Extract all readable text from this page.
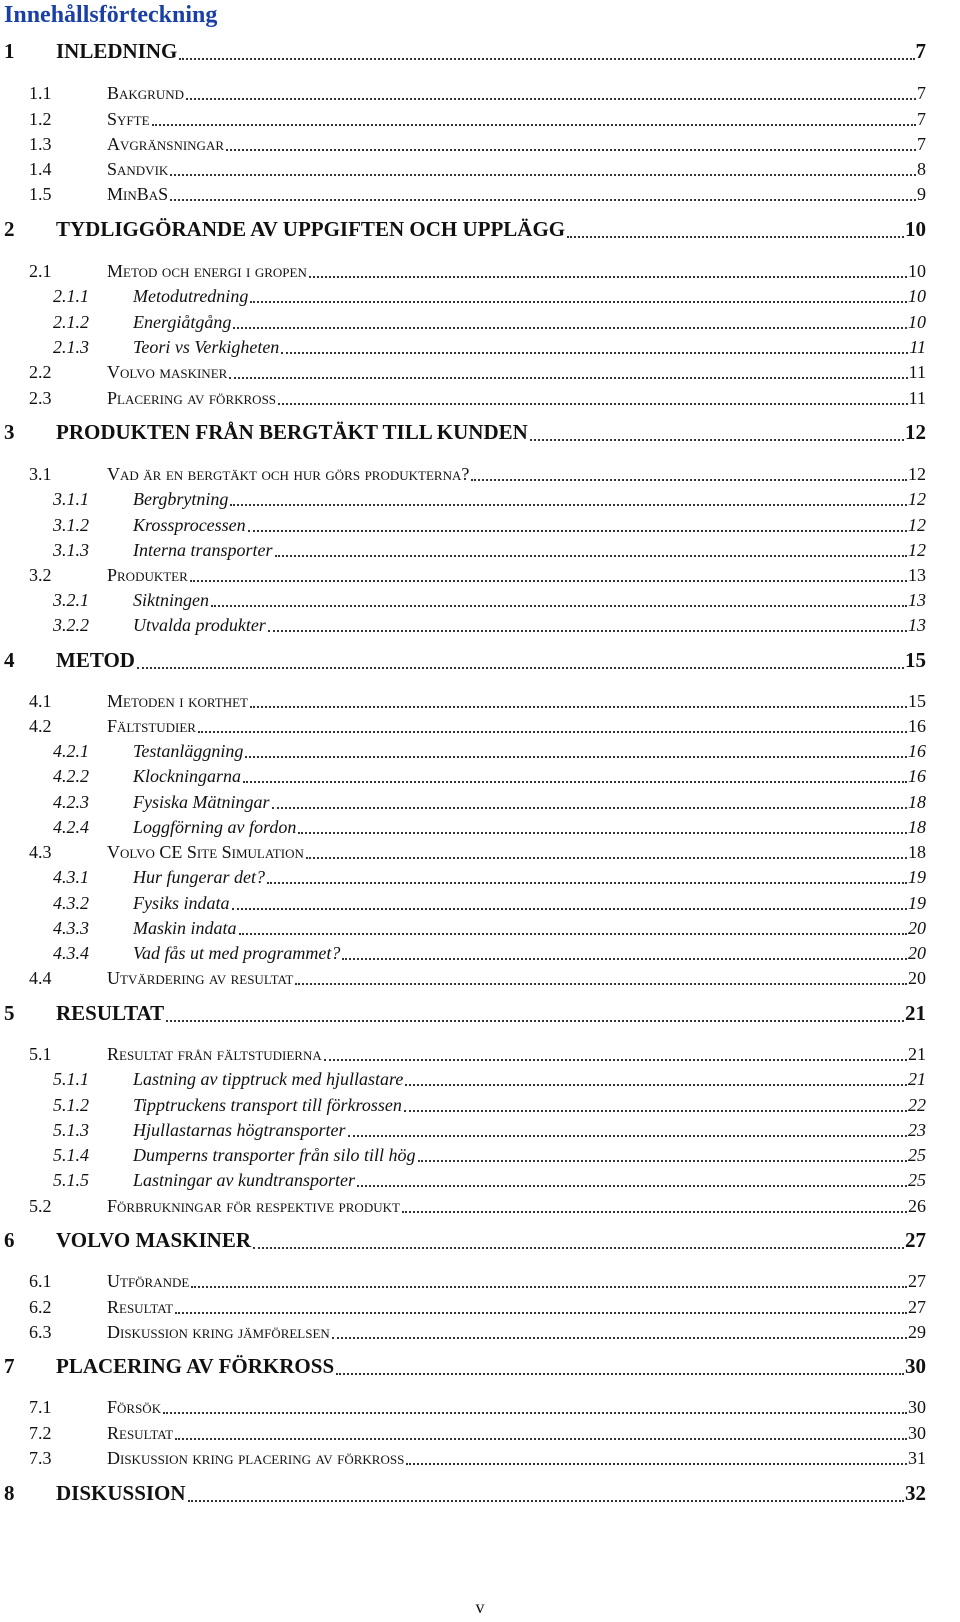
Innehållsförteckning
1 INLEDNING	7
1.1	Bakgrund	7
1.2	Syfte	7
1.3	Avgränsningar	7
1.4	Sandvik	8
1.5	MinBaS	9
2 TYDLIGGÖRANDE AV UPPGIFTEN OCH UPPLÄGG	10
2.1	Metod och energi i gropen	10
2.1.1 Metodutredning	10
2.1.2 Energiåtgång	10
2.1.3 Teori vs Verkigheten	11
2.2	Volvo maskiner	11
2.3	Placering av förkross	11
3 PRODUKTEN FRÅN BERGTÄKT TILL KUNDEN	12
3.1	Vad är en bergtäkt och hur görs produkterna?	12
3.1.1 Bergbrytning	12
3.1.2 Krossprocessen	12
3.1.3 Interna transporter	12
3.2	Produkter	13
3.2.1 Siktningen	13
3.2.2 Utvalda produkter	13
4 METOD	15
4.1	Metoden i korthet	15
4.2	Fältstudier	16
4.2.1 Testanläggning	16
4.2.2 Klockningarna	16
4.2.3 Fysiska Mätningar	18
4.2.4 Loggförning av fordon	18
4.3	Volvo CE Site Simulation	18
4.3.1 Hur fungerar det?	19
4.3.2 Fysiks indata	19
4.3.3 Maskin indata	20
4.3.4 Vad fås ut med programmet?	20
4.4	Utvärdering av resultat	20
5 RESULTAT	21
5.1	Resultat från fältstudierna	21
5.1.1 Lastning av tipptruck med hjullastare	21
5.1.2 Tipptruckens transport till förkrossen	22
5.1.3 Hjullastarnas högtransporter	23
5.1.4 Dumperns transporter från silo till hög	25
5.1.5 Lastningar av kundtransporter	25
5.2	Förbrukningar för respektive produkt	26
6 VOLVO MASKINER	27
6.1	Utförande	27
6.2	Resultat	27
6.3	Diskussion kring jämförelsen	29
7 PLACERING AV FÖRKROSS	30
7.1	Försök	30
7.2	Resultat	30
7.3	Diskussion kring placering av förkross	31
8 DISKUSSION	32
v
